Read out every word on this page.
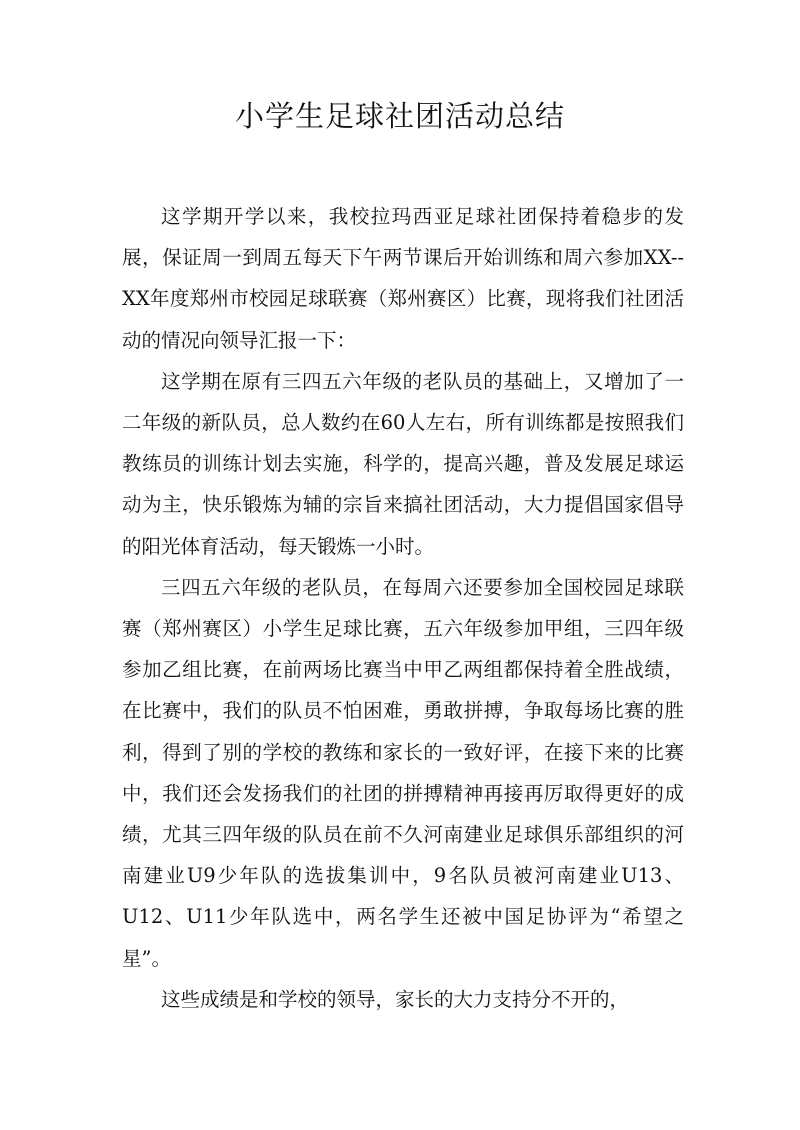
小学生足球社团活动总结

这学期开学以来，我校拉玛西亚足球社团保持着稳步的发展，保证周一到周五每天下午两节课后开始训练和周六参加XX--XX年度郑州市校园足球联赛（郑州赛区）比赛，现将我们社团活动的情况向领导汇报一下：

这学期在原有三四五六年级的老队员的基础上，又增加了一二年级的新队员，总人数约在60人左右，所有训练都是按照我们教练员的训练计划去实施，科学的，提高兴趣，普及发展足球运动为主，快乐锻炼为辅的宗旨来搞社团活动，大力提倡国家倡导的阳光体育活动，每天锻炼一小时。

三四五六年级的老队员，在每周六还要参加全国校园足球联赛（郑州赛区）小学生足球比赛，五六年级参加甲组，三四年级参加乙组比赛，在前两场比赛当中甲乙两组都保持着全胜战绩，在比赛中，我们的队员不怕困难，勇敢拼搏，争取每场比赛的胜利，得到了别的学校的教练和家长的一致好评，在接下来的比赛中，我们还会发扬我们的社团的拼搏精神再接再厉取得更好的成绩，尤其三四年级的队员在前不久河南建业足球俱乐部组织的河南建业U9少年队的选拔集训中，9名队员被河南建业U13、U12、U11少年队选中，两名学生还被中国足协评为“希望之星”。

这些成绩是和学校的领导，家长的大力支持分不开的，
